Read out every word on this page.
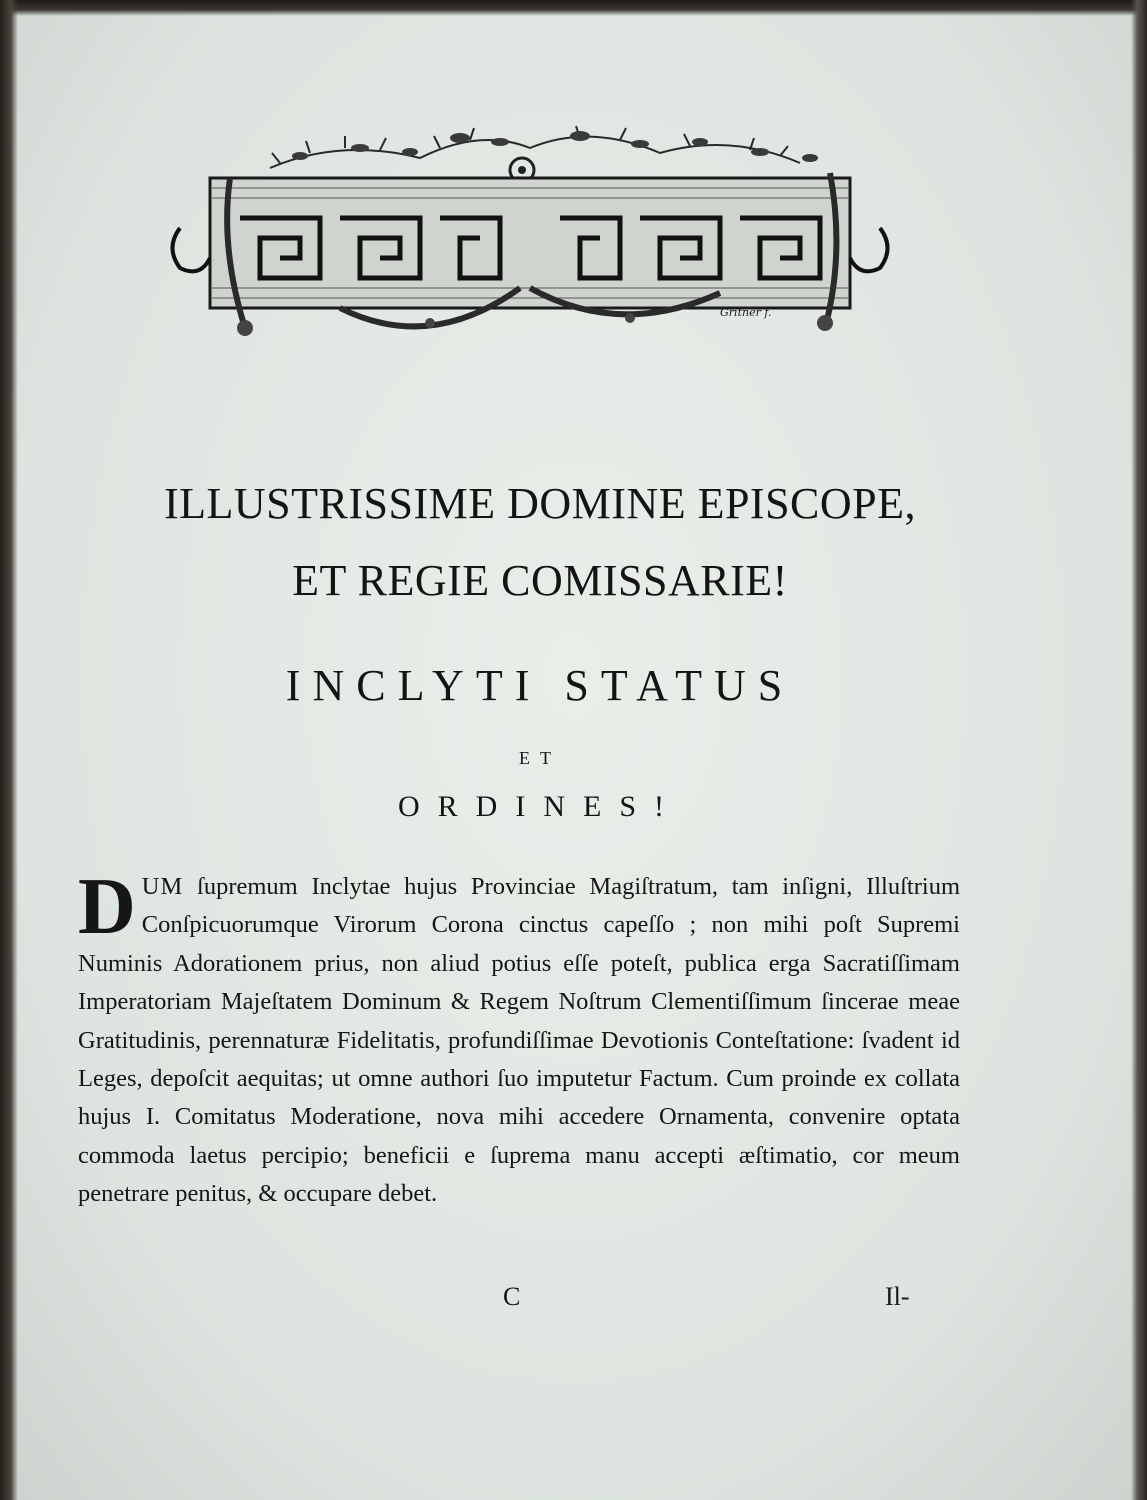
Gritner f.
ILLUSTRISSIME DOMINE EPISCOPE,
ET REGIE COMISSARIE!
INCLYTI STATUS
ET
ORDINES!

DUM ſupremum Inclytae hujus Provinciae Magiſtratum, tam inſigni, Illuſtrium Conſpicuorumque Virorum Corona cinctus capeſſo ; non mihi poſt Supremi Numinis Adorationem prius, non aliud potius eſſe poteſt, publica erga Sacratiſſimam Imperatoriam Majeſtatem Dominum & Regem Noſtrum Clementiſſimum ſincerae meae Gratitudinis, perennaturæ Fidelitatis, profundiſſimae Devotionis Conteſtatione: ſvadent id Leges, depoſcit aequitas; ut omne authori ſuo imputetur Factum. Cum proinde ex collata hujus I. Comitatus Moderatione, nova mihi accedere Ornamenta, convenire optata commoda laetus percipio; beneficii e ſuprema manu accepti æſtimatio, cor meum penetrare penitus, & occupare debet.

C	Il-
